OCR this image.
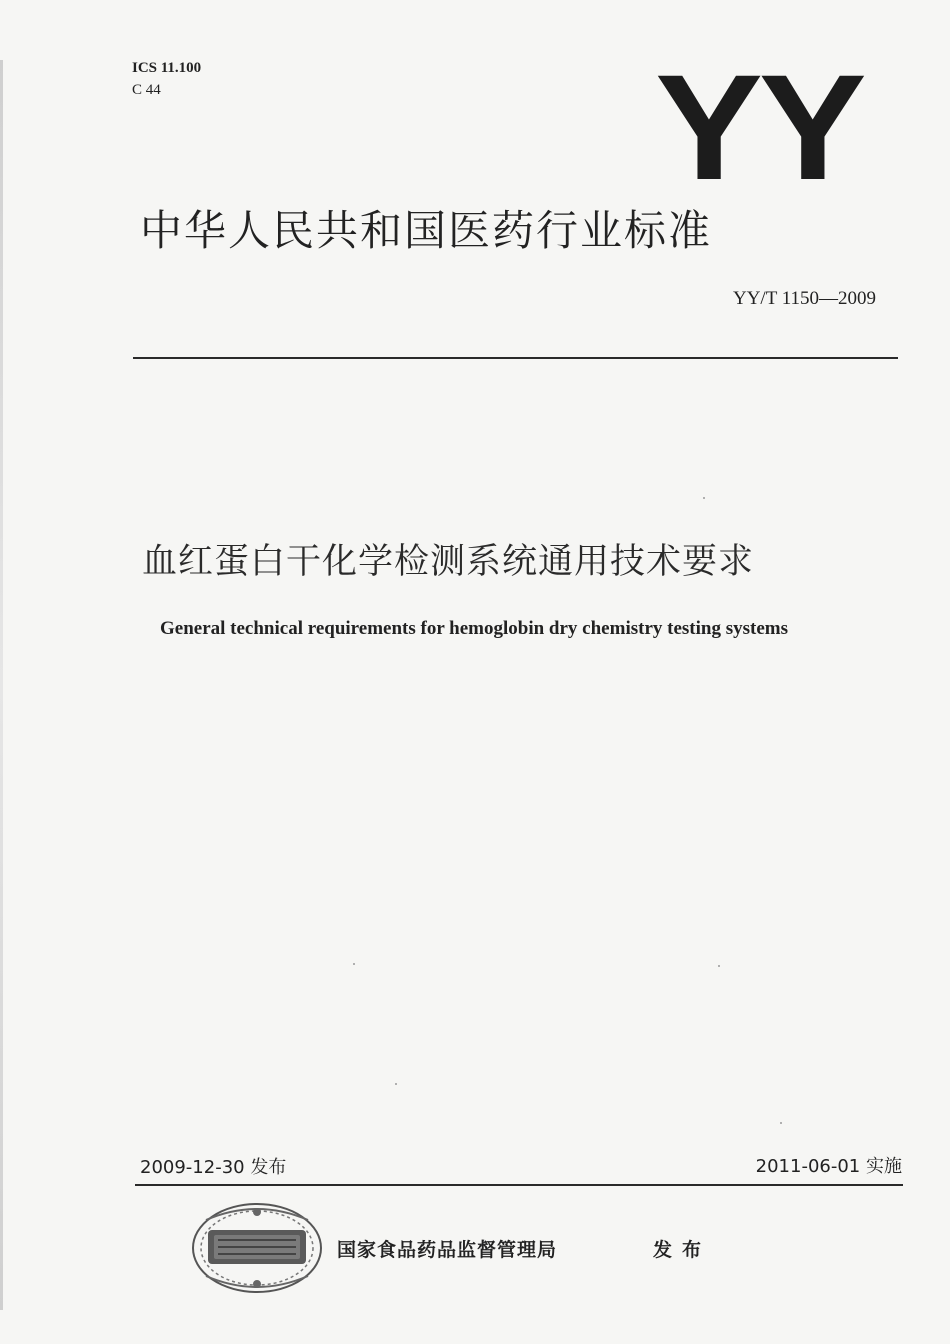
ICS 11.100
C 44	YY
中华人民共和国医药行业标准
YY/T 1150—2009
血红蛋白干化学检测系统通用技术要求
General technical requirements for hemoglobin dry chemistry testing systems
2009-12-30 发布	2011-06-01 实施
国家食品药品监督管理局	发布
